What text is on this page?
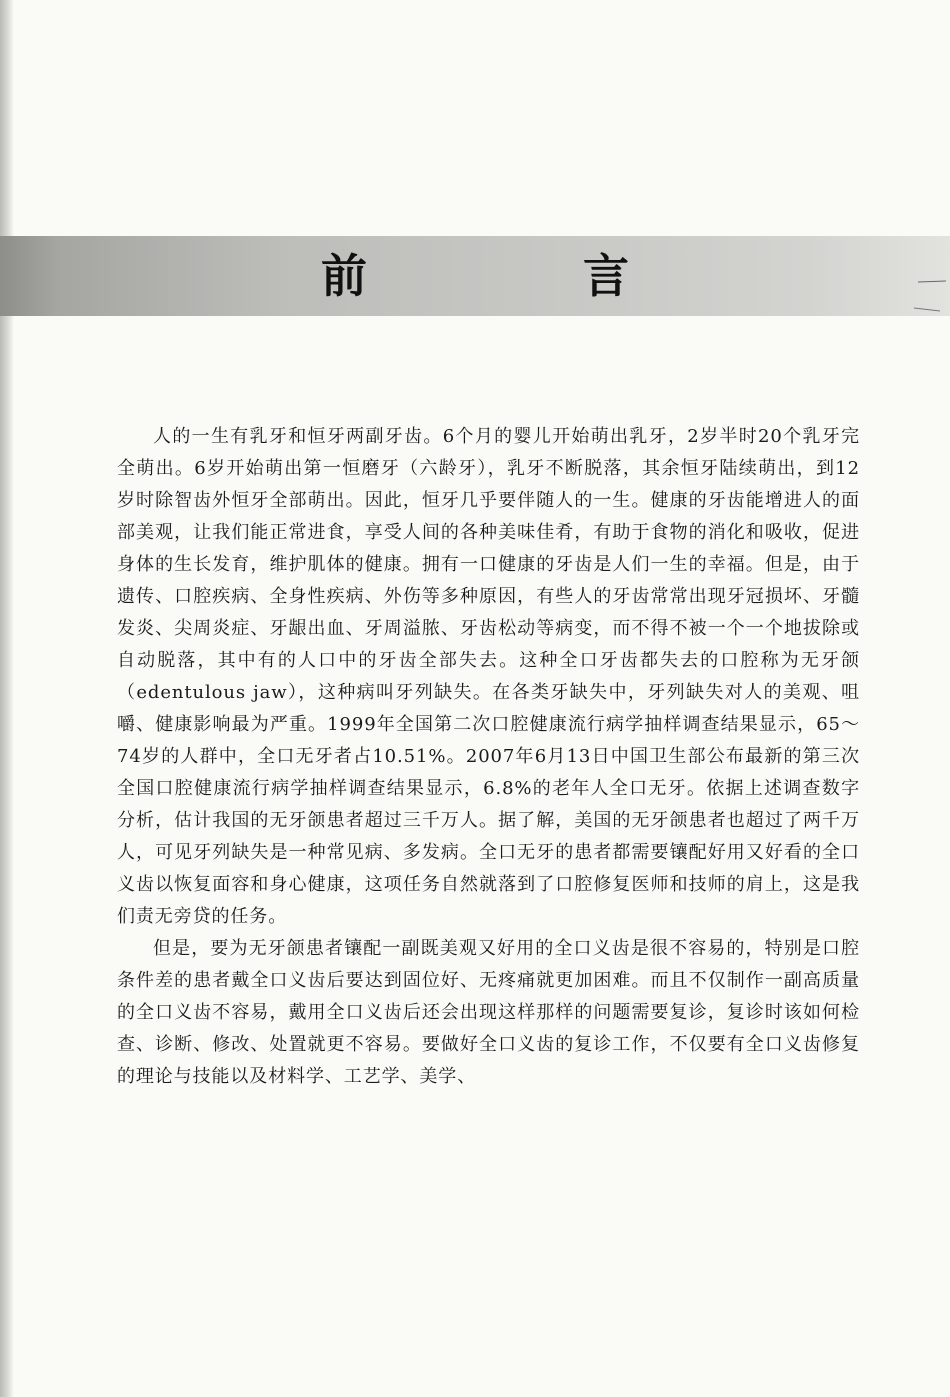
前 言

人的一生有乳牙和恒牙两副牙齿。6个月的婴儿开始萌出乳牙，2岁半时20个乳牙完全萌出。6岁开始萌出第一恒磨牙（六龄牙），乳牙不断脱落，其余恒牙陆续萌出，到12岁时除智齿外恒牙全部萌出。因此，恒牙几乎要伴随人的一生。健康的牙齿能增进人的面部美观，让我们能正常进食，享受人间的各种美味佳肴，有助于食物的消化和吸收，促进身体的生长发育，维护肌体的健康。拥有一口健康的牙齿是人们一生的幸福。但是，由于遗传、口腔疾病、全身性疾病、外伤等多种原因，有些人的牙齿常常出现牙冠损坏、牙髓发炎、尖周炎症、牙龈出血、牙周溢脓、牙齿松动等病变，而不得不被一个一个地拔除或自动脱落，其中有的人口中的牙齿全部失去。这种全口牙齿都失去的口腔称为无牙颌（edentulous jaw），这种病叫牙列缺失。在各类牙缺失中，牙列缺失对人的美观、咀嚼、健康影响最为严重。1999年全国第二次口腔健康流行病学抽样调查结果显示，65～74岁的人群中，全口无牙者占10.51%。2007年6月13日中国卫生部公布最新的第三次全国口腔健康流行病学抽样调查结果显示，6.8%的老年人全口无牙。依据上述调查数字分析，估计我国的无牙颌患者超过三千万人。据了解，美国的无牙颌患者也超过了两千万人，可见牙列缺失是一种常见病、多发病。全口无牙的患者都需要镶配好用又好看的全口义齿以恢复面容和身心健康，这项任务自然就落到了口腔修复医师和技师的肩上，这是我们责无旁贷的任务。

但是，要为无牙颌患者镶配一副既美观又好用的全口义齿是很不容易的，特别是口腔条件差的患者戴全口义齿后要达到固位好、无疼痛就更加困难。而且不仅制作一副高质量的全口义齿不容易，戴用全口义齿后还会出现这样那样的问题需要复诊，复诊时该如何检查、诊断、修改、处置就更不容易。要做好全口义齿的复诊工作，不仅要有全口义齿修复的理论与技能以及材料学、工艺学、美学、
